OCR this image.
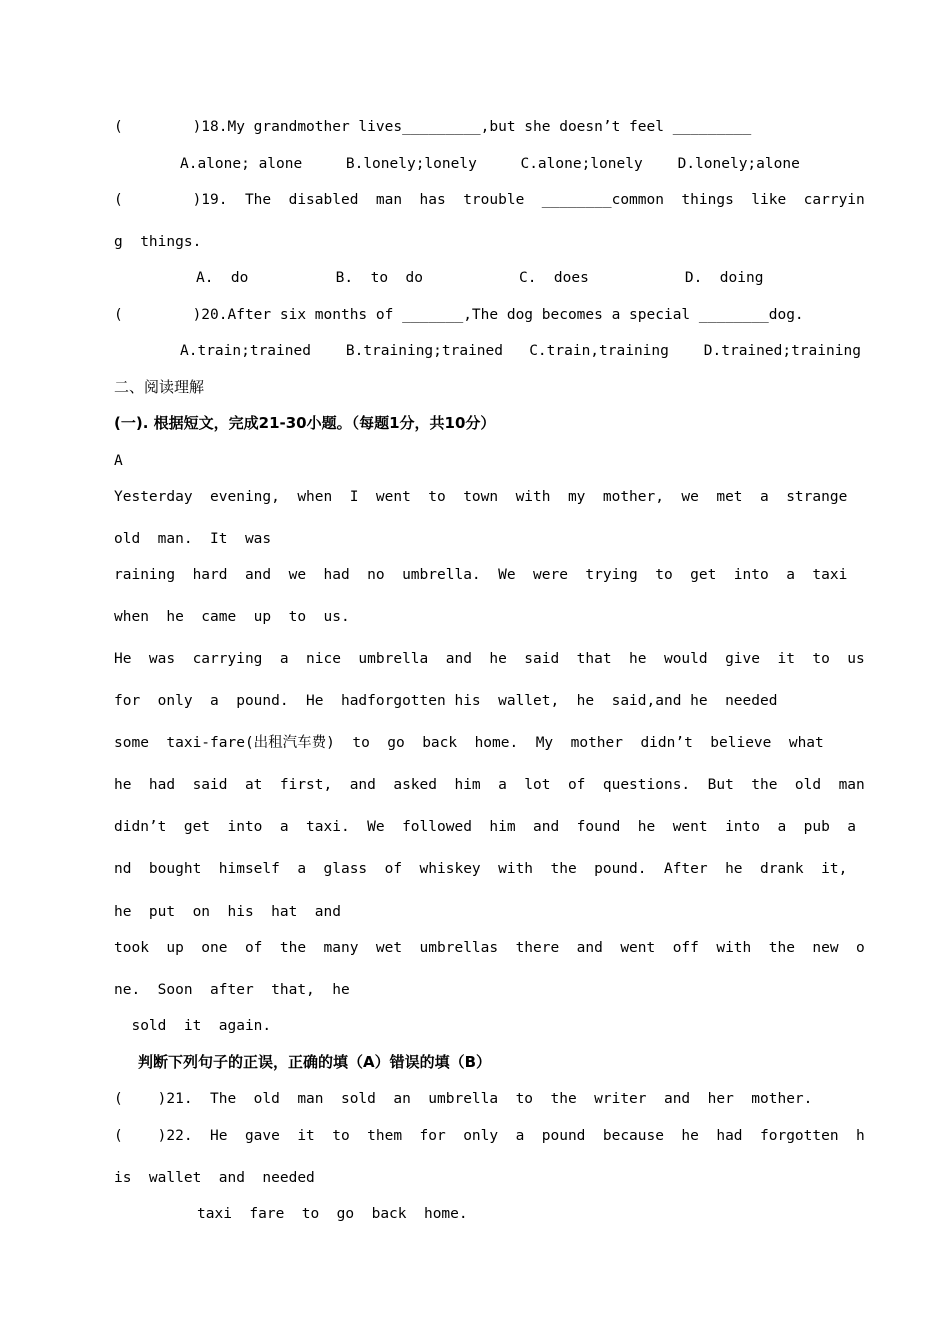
(        )18.My grandmother lives_________,but she doesn’t feel _________
A.alone; alone     B.lonely;lonely     C.alone;lonely    D.lonely;alone
(        )19.  The  disabled  man  has  trouble  ________common  things  like  carryin
g  things.
A.  do          B.  to  do           C.  does           D.  doing
(        )20.After six months of _______,The dog becomes a special ________dog.
A.train;trained    B.training;trained   C.train,training    D.trained;training
二、阅读理解
(一). 根据短文，完成21-30小题。（每题1分，共10分）
A
Yesterday  evening,  when  I  went  to  town  with  my  mother,  we  met  a  strange
old  man.  It  was
raining  hard  and  we  had  no  umbrella.  We  were  trying  to  get  into  a  taxi
when  he  came  up  to  us.
He  was  carrying  a  nice  umbrella  and  he  said  that  he  would  give  it  to  us
for  only  a  pound.  He  hadforgotten his  wallet,  he  said,and he  needed
some  taxi-fare(出租汽车费)  to  go  back  home.  My  mother  didn’t  believe  what
he  had  said  at  first,  and  asked  him  a  lot  of  questions.  But  the  old  man
didn’t  get  into  a  taxi.  We  followed  him  and  found  he  went  into  a  pub  a
nd  bought  himself  a  glass  of  whiskey  with  the  pound.  After  he  drank  it,
he  put  on  his  hat  and
took  up  one  of  the  many  wet  umbrellas  there  and  went  off  with  the  new  o
ne.  Soon  after  that,  he
sold  it  again.
判断下列句子的正误，正确的填（A）错误的填（B）
(    )21.  The  old  man  sold  an  umbrella  to  the  writer  and  her  mother.
(    )22.  He  gave  it  to  them  for  only  a  pound  because  he  had  forgotten  h
is  wallet  and  needed
taxi  fare  to  go  back  home.
